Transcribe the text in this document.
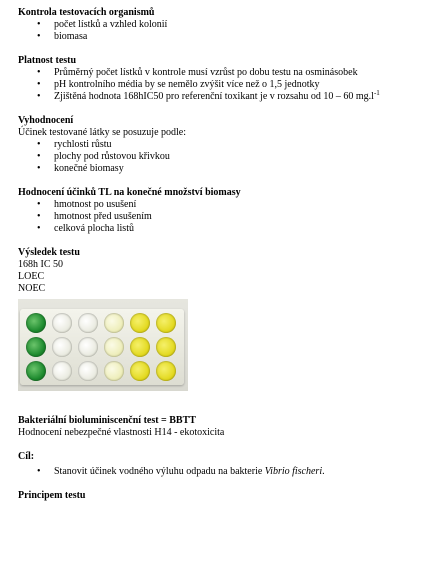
Kontrola testovacích organismů
• počet lístků a vzhled kolonií
• biomasa
Platnost testu
• Průměrný počet lístků v kontrole musí vzrůst po dobu testu na osminásobek
• pH kontrolního média by se nemělo zvýšit více než o 1,5 jednotky
• Zjištěná hodnota 168hIC50 pro referenční toxikant je v rozsahu od 10 – 60 $mg.l^{-1}$
Vyhodnocení

Účinek testované látky se posuzuje podle:

• rychlosti růstu
• plochy pod růstovou křivkou
• konečné biomasy
Hodnocení účinků TL na konečné množství biomasy
• hmotnost po usušení
• hmotnost před usušením
• celková plocha listů
Výsledek testu

168h IC 50

LOEC

NOEC

Bakteriální bioluminiscenční test = BBTT

Hodnocení nebezpečné vlastnosti H14 - ekotoxicita

Cíl:
• Stanovit účinek vodného výluhu odpadu na bakterie Vibrio fischeri.
Principem testu
